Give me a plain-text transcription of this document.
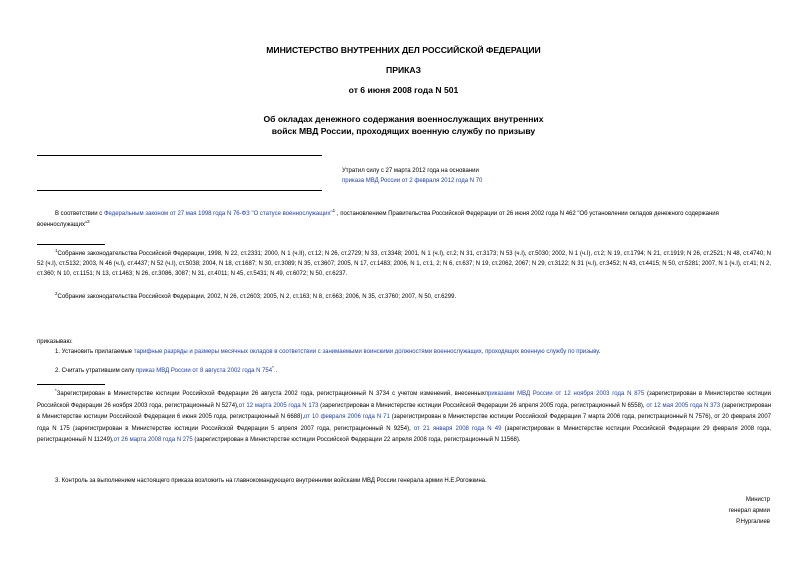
МИНИСТЕРСТВО ВНУТРЕННИХ ДЕЛ РОССИЙСКОЙ ФЕДЕРАЦИИ
ПРИКАЗ
от 6 июня 2008 года N 501
Об окладах денежного содержания военнослужащих внутренних
войск МВД России, проходящих военную службу по призыву
Утратил силу с 27 марта 2012 года на основании
приказа МВД России от 2 февраля 2012 года N 70
В соответствии с Федеральным законом от 27 мая 1998 года N 76-ФЗ "О статусе военнослужащих"$^1$ , постановлением Правительства Российской Федерации от 26 июня 2002 года N 462 "Об установлении окладов денежного содержания военнослужащих"$^2$
$^1$Собрание законодательства Российской Федерации, 1998, N 22, ст.2331; 2000, N 1 (ч.II), ст.12; N 26, ст.2729; N 33, ст.3348; 2001, N 1 (ч.I), ст.2; N 31, ст.3173; N 53 (ч.I), ст.5030; 2002, N 1 (ч.I), ст.2; N 19, ст.1794; N 21, ст.1919; N 26, ст.2521; N 48, ст.4740; N 52 (ч.I), ст.5132; 2003, N 46 (ч.I), ст.4437; N 52 (ч.I), ст.5038; 2004, N 18, ст.1687; N 30, ст.3089; N 35, ст.3607; 2005, N 17, ст.1483; 2006, N 1, ст.1, 2; N 6, ст.637; N 19, ст.2062, 2067; N 29, ст.3122; N 31 (ч.I), ст.3452; N 43, ст.4415; N 50, ст.5281; 2007, N 1 (ч.I), ст.41; N 2, ст.360; N 10, ст.1151; N 13, ст.1463; N 26, ст.3086, 3087; N 31, ст.4011; N 45, ст.5431; N 49, ст.6072; N 50, ст.6237.
$^2$Собрание законодательства Российской Федерации, 2002, N 26, ст.2603; 2005, N 2, ст.163; N 8, ст.663; 2006, N 35, ст.3760; 2007, N 50, ст.6299.
приказываю:
1. Установить прилагаемые тарифные разряды и размеры месячных окладов в соответствии с занимаемыми воинскими должностями военнослужащих, проходящих военную службу по призыву.
2. Считать утратившим силу приказ МВД России от 8 августа 2002 года N 754* .
*Зарегистрирован в Министерстве юстиции Российской Федерации 26 августа 2002 года, регистрационный N 3734 с учетом изменений, внесенныхприказами МВД России от 12 ноября 2003 года N 875 (зарегистрирован в Министерстве юстиции Российской Федерации 26 ноября 2003 года, регистрационный N 5274),от 12 марта 2005 года N 173 (зарегистрирован в Министерстве юстиции Российской Федерации 26 апреля 2005 года, регистрационный N 6558), от 12 мая 2005 года N 373 (зарегистрирован в Министерстве юстиции Российской Федерации 6 июня 2005 года, регистрационный N 6688),от 10 февраля 2006 года N 71 (зарегистрирован в Министерстве юстиции Российской Федерации 7 марта 2006 года, регистрационный N 7576), от 20 февраля 2007 года N 175 (зарегистрирован в Министерстве юстиции Российской Федерации 5 апреля 2007 года, регистрационный N 9254), от 21 января 2008 года N 49 (зарегистрирован в Министерстве юстиции Российской Федерации 29 февраля 2008 года, регистрационный N 11249),от 26 марта 2008 года N 275 (зарегистрирован в Министерстве юстиции Российской Федерации 22 апреля 2008 года, регистрационный N 11568).
3. Контроль за выполнением настоящего приказа возложить на главнокомандующего внутренними войсками МВД России генерала армии Н.Е.Рогожкина.
Министр
генерал армии
Р.Нургалиев
